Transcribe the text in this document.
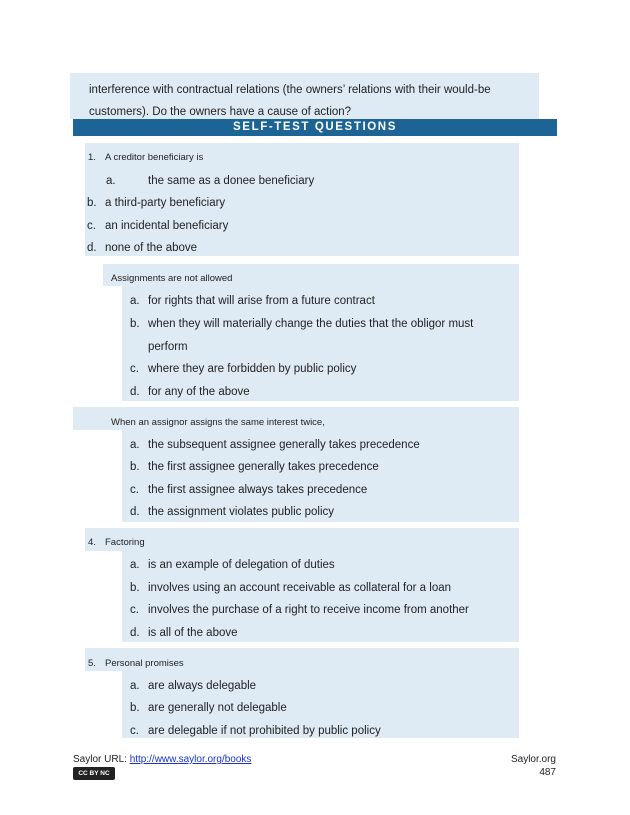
interference with contractual relations (the owners’ relations with their would-be
customers). Do the owners have a cause of action?
SELF-TEST QUESTIONS
1. A creditor beneficiary is
a.	the same as a donee beneficiary
b. a third-party beneficiary
c. an incidental beneficiary
d. none of the above
Assignments are not allowed
a. for rights that will arise from a future contract
b. when they will materially change the duties that the obligor must
perform
c. where they are forbidden by public policy
d. for any of the above
When an assignor assigns the same interest twice,
a. the subsequent assignee generally takes precedence
b. the first assignee generally takes precedence
c. the first assignee always takes precedence
d. the assignment violates public policy
4. Factoring
a. is an example of delegation of duties
b. involves using an account receivable as collateral for a loan
c. involves the purchase of a right to receive income from another
d. is all of the above
5. Personal promises
a. are always delegable
b. are generally not delegable
c. are delegable if not prohibited by public policy
Saylor URL: http://www.saylor.org/books
CC BY NC SA
Saylor.org
487
